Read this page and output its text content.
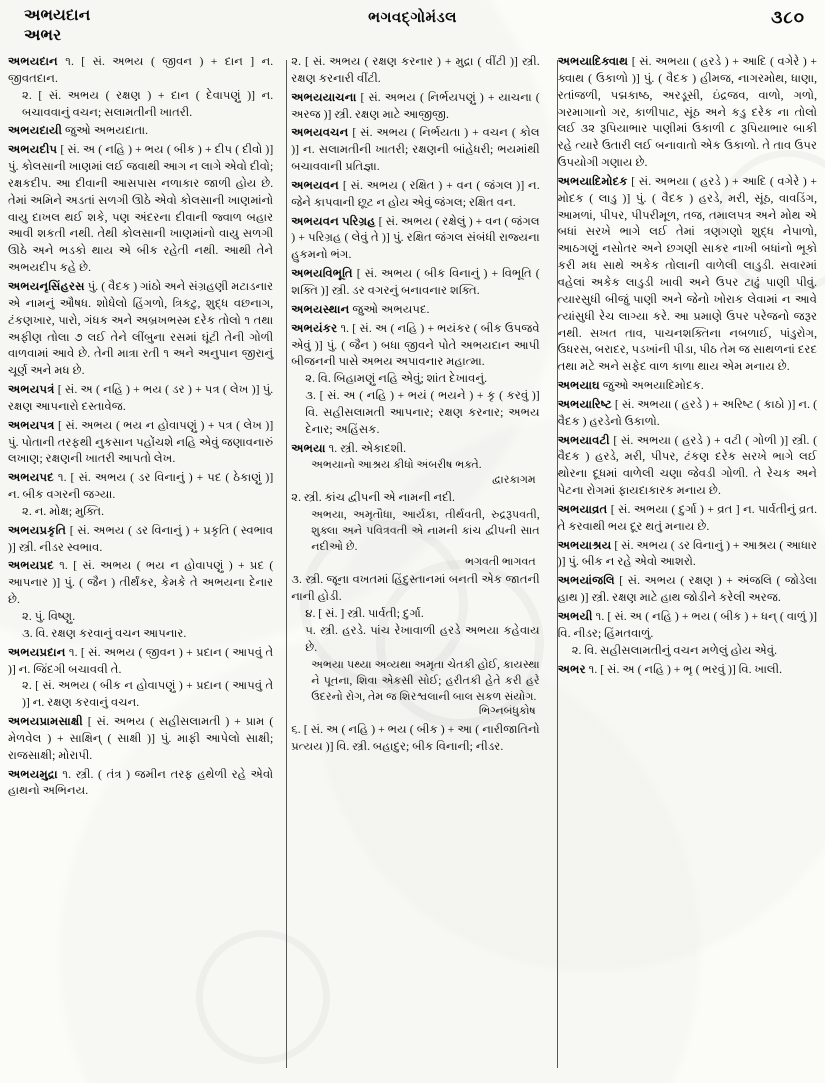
અભયદાન
અભર
ભગવદ્ગોમંડલ	૩૮૦

અભયદાન ૧. [ સં. અભય ( જીવન ) + દાન ] ન. જીવતદાન.

૨. [ સં. અભય ( રક્ષણ ) + દાન ( દેવાપણું )] ન. બચાવવાનું વચન; સલામતીની ખાતરી.

અભયદાયી જુઓ અભયદાતા.

અભયદીપ [ સં. અ ( નહિ ) + ભય ( બીક ) + દીપ ( દીવો )] પું. કોલસાની ખાણમાં લઈ જવાથી આગ ન લાગે એવો દીવો; રક્ષકદીપ. આ દીવાની આસપાસ નળાકાર જાળી હોય છે. તેમાં અમિને અડતાં સળગી ઊઠે એવો કોલસાની ખાણમાંનો વાયુ દાખલ થઈ શકે, પણ અંદરના દીવાની જ્વાળ બહાર આવી શકતી નથી. તેથી કોલસાની ખાણમાંનો વાયુ સળગી ઊઠે અને ભડકો થાય એ બીક રહેતી નથી. આથી તેને અભયદીપ કહે છે.

અભયનૃસિંહરસ પું. ( વૈદક ) ગાંઠો અને સંગ્રહણી મટાડનાર એ નામનું ઔષધ. શોધેલો હિંગળો, ત્રિકટુ, શુદ્ધ વછનાગ, ટંકણખાર, પારો, ગંધક અને અબ્રખભસ્મ દરેક તોલો ૧ તથા અફીણ તોલા ૭ લઈ તેને લીંબુના રસમાં ઘૂંટી તેની ગોળી વાળવામાં આવે છે. તેની માત્રા રતી ૧ અને અનુપાન જીરાનું ચૂર્ણ અને મધ છે.

અભયપત્રં [ સં. અ ( નહિ ) + ભય ( ડર ) + પત્ર ( લેખ )] પું. રક્ષણ આપનારો દસ્તાવેજ.

અભયપત્ર [ સં. અભય ( ભય ન હોવાપણું ) + પત્ર ( લેખ )] પું. પોતાની તરફથી નુકસાન પહોંચશે નહિ એવું જણાવનારું લખાણ; રક્ષણની ખાતરી આપતો લેખ.

અભયપદ ૧. [ સં. અભય ( ડર વિનાનું ) + પદ ( ઠેકાણું )] ન. બીક વગરની જગ્યા.

૨. ન. મોક્ષ; મુક્તિ.

અભયપ્રકૃતિ [ સં. અભય ( ડર વિનાનું ) + પ્રકૃતિ ( સ્વભાવ )] સ્ત્રી. નીડર સ્વભાવ.

અભયપ્રદ ૧. [ સં. અભય ( ભય ન હોવાપણું ) + પ્રદ ( આપનાર )] પું. ( જૈન ) તીર્થંકર, કેમકે તે અભયના દેનાર છે.

૨. પું. વિષ્ણુ.

૩. વિ. રક્ષણ કરવાનું વચન આપનાર.

અભયપ્રદાન ૧. [ સં. અભય ( જીવન ) + પ્રદાન ( આપવું તે )] ન. જિંદગી બચાવવી તે.

૨. [ સં. અભય ( બીક ન હોવાપણું ) + પ્રદાન ( આપવું તે )] ન. રક્ષણ કરવાનું વચન.

અભયપ્રામસાક્ષી [ સં. અભય ( સહીસલામતી ) + પ્રામ ( મેળવેલ ) + સાક્ષિન્ ( સાક્ષી )] પું. માફી આપેલો સાક્ષી; રાજસાક્ષી; મોરાપી.

અભયમુદ્રા ૧. સ્ત્રી. ( તંત્ર ) જમીન તરફ હથેળી રહે એવો હાથનો અભિનય.

૨. [ સં. અભય ( રક્ષણ કરનાર ) + મુદ્રા ( વીંટી )] સ્ત્રી. રક્ષણ કરનારી વીંટી.

અભયયાચના [ સં. અભય ( નિર્ભયપણું ) + યાચના ( અરજ )] સ્ત્રી. રક્ષણ માટે આજીજી.

અભયવચન [ સં. અભય ( નિર્ભયતા ) + વચન ( કોલ )] ન. સલામતીની ખાતરી; રક્ષણની બાંહેધરી; ભયમાંથી બચાવવાની પ્રતિજ્ઞા.

અભયવન [ સં. અભય ( રક્ષિત ) + વન ( જંગલ )] ન. જેને કાપવાની છૂટ ન હોય એવું જંગલ; રક્ષિત વન.

અભયવન પરિગ્રહ [ સં. અભય ( રક્ષેલું ) + વન ( જંગલ ) + પરિગ્રહ ( લેવું તે )] પું. રક્ષિત જંગલ સંબંધી રાજ્યના હુકમનો ભંગ.

અભયવિભૂતિ [ સં. અભય ( બીક વિનાનું ) + વિભૂતિ ( શક્તિ )] સ્ત્રી. ડર વગરનું બનાવનાર શક્તિ.

અભયસ્થાન જુઓ અભયપદ.

અભયંકર ૧. [ સં. અ ( નહિ ) + ભયંકર ( બીક ઉપજવે એવું )] પું. ( જૈન ) બધા જીવને પોતે અભયદાન આપી બીજનની પાસે અભય અપાવનાર મહાત્મા.

૨. વિ. બિહામણું નહિ એવું; શાંત દેખાવનું.

૩. [ સં. અ ( નહિ ) + ભયં ( ભયને ) + કૃ ( કરવું )] વિ. સહીસલામતી આપનાર; રક્ષણ કરનાર; અભય દેનાર; અહિંસક.

અભયા ૧. સ્ત્રી. એકાદશી.

અભયાનો આશ્રય કીધો અંબરીષ ભક્તે.

દ્વારકાગમ

૨. સ્ત્રી. કાંચ દ્વીપની એ નામની નદી.

અભયા, અમૃતૌધા, આર્યકા, તીર્થવતી, રુદ્રરૂપવતી, શુક્લા અને પવિત્રવતી એ નામની કાંચ દ્વીપની સાત નદીઓ છે.

ભગવતી ભાગવત

૩. સ્ત્રી. જૂના વખતમાં હિંદુસ્તાનમાં બનતી એક જાતની નાની હોડી.

૪. [ સં. ] સ્ત્રી. પાર્વતી; દુર્ગા.

૫. સ્ત્રી. હરડે. પાંચ રેખાવાળી હરડે અભયા કહેવાય છે.

અભયા પથ્યા અવ્યથા અમૃતા ચેતકી હોઈ, કાયસ્થા ને પૂતના, શિવા એકસી સોઈ; હરીતકી હેતે કરી હરે ઉદરનો રોગ, તેમ જ શિરશ્વલાની બાલ સકળ સંયોગ.

ભિગ્નબંધુકોષ

૬. [ સં. અ ( નહિ ) + ભય ( બીક ) + આ ( નારીજાતિનો પ્રત્યય )] વિ. સ્ત્રી. બહાદુર; બીક વિનાની; નીડર.

અભયાદિક્વાથ [ સં. અભયા ( હરડે ) + આદિ ( વગેરે ) + ક્વાથ ( ઉકાળો )] પું. ( વૈદક ) હીમજ, નાગરમોથ, ધાણા, રતાંજળી, પદ્મકાષ્ઠ, અરડૂસી, ઇંદ્રજવ, વાળો, ગળો, ગરમાગાનો ગર, કાળીપાટ, સૂંઠ અને કડુ દરેક ના તોલો લઈ ૩૨ રૂપિયાભાર પાણીમાં ઉકાળી ૮ રૂપિયાભાર બાકી રહે ત્યારે ઉતારી લઈ બનાવાતો એક ઉકાળો. તે તાવ ઉપર ઉપયોગી ગણાય છે.

અભયાદિમોદક [ સં. અભયા ( હરડે ) + આદિ ( વગેરે ) + મોદક ( લાડુ )] પું. ( વૈદક ) હરડે, મરી, સૂંઠ, વાવડિંગ, આમળાં, પીપર, પીપરીમૂળ, તજ, તમાલપત્ર અને મોથ એ બધાં સરખે ભાગે લઈ તેમાં ત્રણગણો શુદ્ધ નેપાળો, આઠગણું નસોતર અને છગણી સાકર નાખી બધાંનો ભૂકો કરી મધ સાથે અકેક તોલાની વાળેલી લાડુડી. સવારમાં વહેલાં અકેક લાડુડી ખાવી અને ઉપર ટાઢું પાણી પીવું. ત્યારસુધી બીજું પાણી અને જેનો ખોરાક લેવામાં ન આવે ત્યાંસુધી રેચ લાગ્યા કરે. આ પ્રમાણે ઉપર પરેજનો જરૂર નથી. સખત તાવ, પાચનશક્તિના નબળાઈ, પાંડુરોગ, ઉધરસ, બરાદર, પડખાંની પીડા, પીઠ તેમ જ સાથળનાં દરદ તથા મટે અને સફેદ વાળ કાળા થાય એમ મનાય છે.

અભયાઘ જુઓ અભયાદિમોદક.

અભયારિષ્ટ [ સં. અભયા ( હરડે ) + અરિષ્ટ ( કાઠો )] ન. ( વૈદક ) હરડેનો ઉકાળો.

અભયાવટી [ સં. અભયા ( હરડે ) + વટી ( ગોળી )] સ્ત્રી. ( વૈદક ) હરડે, મરી, પીપર, ટંકણ દરેક સરખે ભાગે લઈ થોરના દૂધમાં વાળેલી ચણા જેવડી ગોળી. તે રેચક અને પેટના રોગમાં ફાયદાકારક મનાય છે.

અભયાવ્રત [ સં. અભયા ( દુર્ગા ) + વ્રત ] ન. પાર્વતીનું વ્રત. તે કરવાથી ભય દૂર થતું મનાય છે.

અભયાશ્રય [ સં. અભય ( ડર વિનાનું ) + આશ્રય ( આધાર )] પું. બીક ન રહે એવો આશરો.

અભયાંજલિ [ સં. અભય ( રક્ષણ ) + અંજલિ ( જોડેલા હાથ )] સ્ત્રી. રક્ષણ માટે હાથ જોડીને કરેલી અરજ.

અભયી ૧. [ સં. અ ( નહિ ) + ભય ( બીક ) + ધન્ ( વાળું )] વિ. નીડર; હિંમતવાળું.

૨. વિ. સહીસલામતીનું વચન મળેલું હોય એવું.

અભર ૧. [ સં. અ ( નહિ ) + ભૃ ( ભરવું )] વિ. ખાલી.
